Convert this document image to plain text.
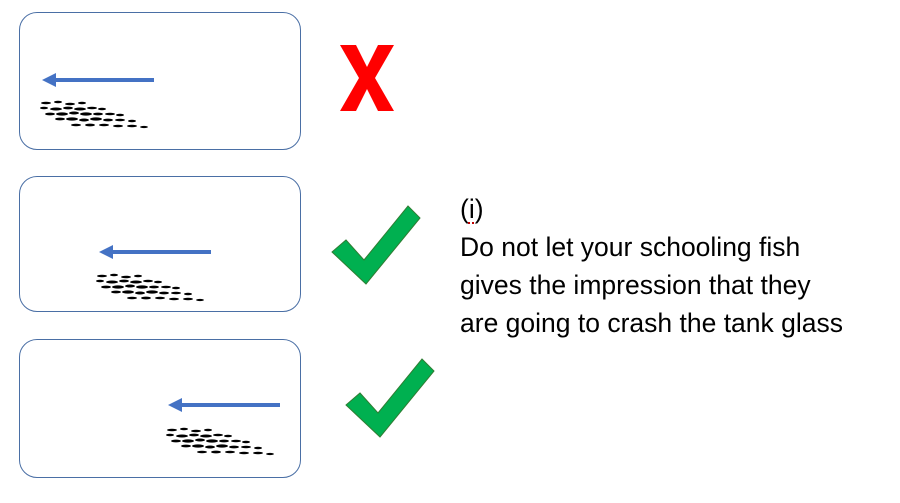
(i)
Do not let your schooling fish
gives the impression that they
are going to crash the tank glass
